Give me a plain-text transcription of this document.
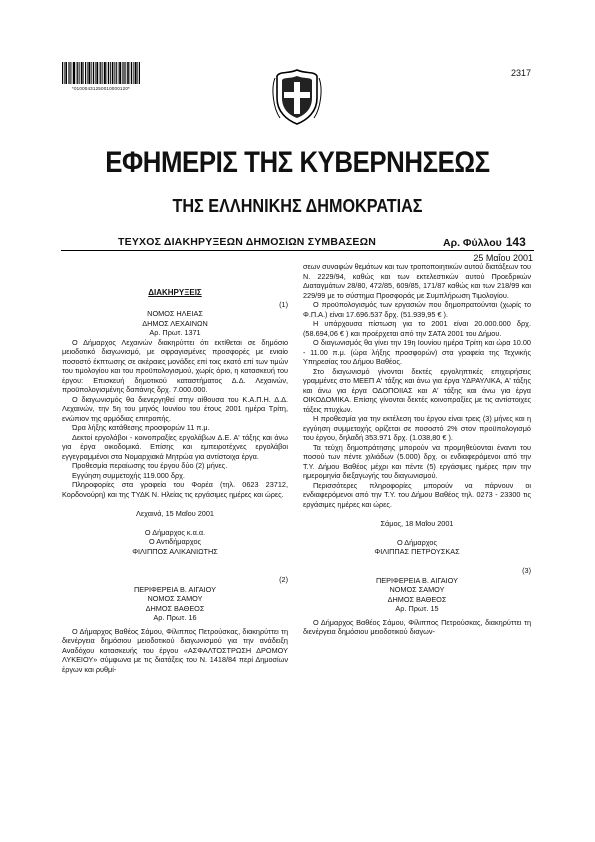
*01000431250010000120*
2317
ΕΦΗΜΕΡΙΣ ΤΗΣ ΚΥΒΕΡΝΗΣΕΩΣ
ΤΗΣ ΕΛΛΗΝΙΚΗΣ ΔΗΜΟΚΡΑΤΙΑΣ
ΤΕΥΧΟΣ ΔΙΑΚΗΡΥΞΕΩΝ ΔΗΜΟΣΙΩΝ ΣΥΜΒΑΣΕΩΝ	Αρ. Φύλλου 143
25 Μαΐου 2001

ΔΙΑΚΗΡΥΞΕΙΣ

(1)

ΝΟΜΟΣ ΗΛΕΙΑΣ

ΔΗΜΟΣ ΛΕΧΑΙΝΩΝ

Αρ. Πρωτ. 1371

Ο Δήμαρχος Λεχαινών διακηρύττει ότι εκτίθεται σε δημόσιο μειοδοτικό διαγωνισμό, με σφραγισμένες προσφορές με ενιαίο ποσοστό έκπτωσης σε ακέραιες μονάδες επί τοις εκατό επί των τιμών του τιμολογίου και του προϋπολογισμού, χωρίς όριο, η κατασκευή του έργου: Επισκευή δημοτικού καταστήματος Δ.Δ. Λεχαινών, προϋπολογισμένης δαπάνης δρχ. 7.000.000.

Ο διαγωνισμός θα διενεργηθεί στην αίθουσα του Κ.Α.Π.Η. Δ.Δ. Λεχαινών, την 5η του μηνός Ιουνίου του έτους 2001 ημέρα Τρίτη, ενώπιον της αρμόδιας επιτροπής.

Ώρα λήξης κατάθεσης προσφορών 11 π.μ.

Δεκτοί εργολάβοι - κοινοπραξίες εργολάβων Δ.Ε. Α' τάξης και άνω για έργα οικοδομικά. Επίσης και εμπειροτέχνες εργολάβοι εγγεγραμμένοι στα Νομαρχιακά Μητρώα για αντίστοιχα έργα.

Προθεσμία περαίωσης του έργου δύο (2) μήνες.

Εγγύηση συμμετοχής 119.000 δρχ.

Πληροφορίες στα γραφεία του Φορέα (τηλ. 0623 23712, Κορδονούρη) και της ΤΥΔΚ Ν. Ηλείας τις εργάσιμες ημέρες και ώρες.

Λεχαινά, 15 Μαΐου 2001

Ο Δήμαρχος κ.α.α.

Ο Αντιδήμαρχος

ΦΙΛΙΠΠΟΣ ΑΛΙΚΑΝΙΩΤΗΣ

(2)

ΠΕΡΙΦΕΡΕΙΑ Β. ΑΙΓΑΙΟΥ

ΝΟΜΟΣ ΣΑΜΟΥ

ΔΗΜΟΣ ΒΑΘΕΟΣ

Αρ. Πρωτ. 16

Ο Δήμαρχος Βαθέος Σάμου, Φίλιππος Πετρούσκας, διακηρύττει τη διενέργεια δημόσιου μειοδοτικού διαγωνισμού για την ανάδειξη Αναδόχου κατασκευής του έργου «ΑΣΦΑΛΤΟΣΤΡΩΣΗ ΔΡΟΜΟΥ ΛΥΚΕΙΟΥ» σύμφωνα με τις διατάξεις του Ν. 1418/84 περί Δημοσίων έργων και ρυθμί-

σεων συναφών θεμάτων και των τροποποιητικών αυτού διατάξεων του Ν. 2229/94, καθώς και των εκτελεστικών αυτού Προεδρικών Διαταγμάτων 28/80, 472/85, 609/85, 171/87 καθώς και των 218/99 και 229/99 με το σύστημα Προσφοράς με Συμπλήρωση Τιμολογίου.

Ο προϋπολογισμός των εργασιών που δημοπρατούνται (χωρίς το Φ.Π.Α.) είναι 17.696.537 δρχ. (51.939,95 € ).

Η υπάρχουσα πίστωση για το 2001 είναι 20.000.000 δρχ. (58.694,06 € ) και προέρχεται από την ΣΑΤΑ 2001 του Δήμου.

Ο διαγωνισμός θα γίνει την 19η Ιουνίου ημέρα Τρίτη και ώρα 10.00 - 11.00 π.μ. (ώρα λήξης προσφορών) στα γραφεία της Τεχνικής Υπηρεσίας του Δήμου Βαθέος.

Στο διαγωνισμό γίνονται δεκτές εργοληπτικές επιχειρήσεις γραμμένες στο ΜΕΕΠ Α' τάξης και άνω για έργα ΥΔΡΑΥΛΙΚΑ, Α' τάξης και άνω για έργα ΟΔΟΠΟΙΙΑΣ και Α' τάξης και άνω για έργα ΟΙΚΟΔΟΜΙΚΑ. Επίσης γίνονται δεκτές κοινοπραξίες με τις αντίστοιχες τάξεις πτυχίων.

Η προθεσμία για την εκτέλεση του έργου είναι τρεις (3) μήνες και η εγγύηση συμμετοχής ορίζεται σε ποσοστό 2% στον προϋπολογισμό του έργου, δηλαδή 353.971 δρχ. (1.038,80 € ).

Τα τεύχη δημοπράτησης μπορούν να προμηθεύονται έναντι του ποσού των πέντε χιλιάδων (5.000) δρχ. οι ενδιαφερόμενοι από την Τ.Υ. Δήμου Βαθέος μέχρι και πέντε (5) εργάσιμες ημέρες πριν την ημερομηνία διεξαγωγής του διαγωνισμού.

Περισσότερες πληροφορίες μπορούν να πάρνουν οι ενδιαφερόμενοι από την Τ.Υ. του Δήμου Βαθέος τηλ. 0273 - 23300 τις εργάσιμες ημέρες και ώρες.

Σάμος, 18 Μαΐου 2001

Ο Δήμαρχος

ΦΙΛΙΠΠΑΣ ΠΕΤΡΟΥΣΚΑΣ

(3)

ΠΕΡΙΦΕΡΕΙΑ Β. ΑΙΓΑΙΟΥ

ΝΟΜΟΣ ΣΑΜΟΥ

ΔΗΜΟΣ ΒΑΘΕΟΣ

Αρ. Πρωτ. 15

Ο Δήμαρχος Βαθέος Σάμου, Φίλιππος Πετρούσκας, διακηρύττει τη διενέργεια δημόσιου μειοδοτικού διαγων-
